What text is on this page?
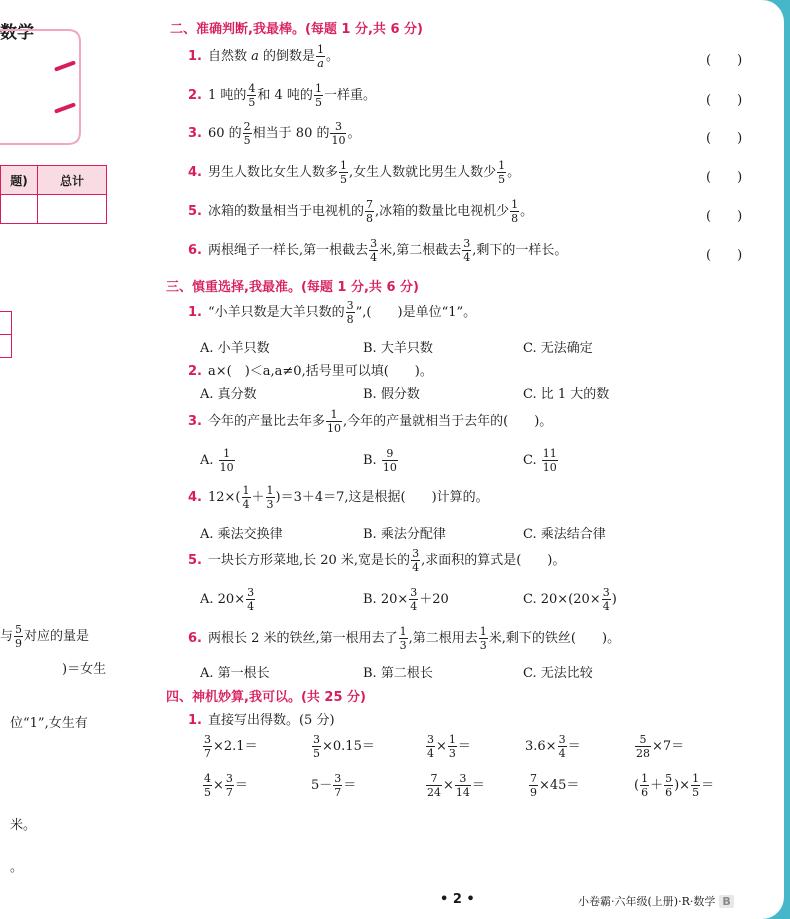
数学
题)	总计

与 $\frac{5}{9}$ 对应的量是
)＝女生
位“1”,女生有
米。
。
二、准确判断,我最棒。(每题 1 分,共 6 分)
1. 自然数 a 的倒数是 $\frac{1}{a}$ 。	(　　)
2. 1 吨的 $\frac{4}{5}$ 和 4 吨的 $\frac{1}{5}$ 一样重。	(　　)
3. 60 的 $\frac{2}{5}$ 相当于 80 的 $\frac{3}{10}$ 。	(　　)
4. 男生人数比女生人数多 $\frac{1}{5}$ ,女生人数就比男生人数少 $\frac{1}{5}$ 。	(　　)
5. 冰箱的数量相当于电视机的 $\frac{7}{8}$ ,冰箱的数量比电视机少 $\frac{1}{8}$ 。	(　　)
6. 两根绳子一样长,第一根截去 $\frac{3}{4}$ 米,第二根截去 $\frac{3}{4}$ ,剩下的一样长。	(　　)
三、慎重选择,我最准。(每题 1 分,共 6 分)
1. “小羊只数是大羊只数的 $\frac{3}{8}$ ”,(　　)是单位“1”。
A. 小羊只数	B. 大羊只数	C. 无法确定
2. a×(　)＜a,a≠0,括号里可以填(　　)。
A. 真分数	B. 假分数	C. 比 1 大的数
3. 今年的产量比去年多 $\frac{1}{10}$ ,今年的产量就相当于去年的(　　)。
A. $\frac{1}{10}$	B. $\frac{9}{10}$	C. $\frac{11}{10}$
4. $12\times( \frac{1}{4} + \frac{1}{3} )=3+4=7$,这是根据(　　)计算的。
A. 乘法交换律	B. 乘法分配律	C. 乘法结合律
5. 一块长方形菜地,长 20 米,宽是长的 $\frac{3}{4}$ ,求面积的算式是(　　)。
A. $20\times \frac{3}{4}$	B. $20\times \frac{3}{4} +20$	C. $20\times(20\times \frac{3}{4}$ )
6. 两根长 2 米的铁丝,第一根用去了 $\frac{1}{3}$ ,第二根用去 $\frac{1}{3}$ 米,剩下的铁丝(　　)。
A. 第一根长	B. 第二根长	C. 无法比较
四、神机妙算,我可以。(共 25 分)
1. 直接写出得数。(5 分)
$\frac{3}{7} \times 2.1=$	$\frac{3}{5} \times 0.15=$	$\frac{3}{4} \times \frac{1}{3}$ ＝	$3.6\times \frac{3}{4}$ ＝	$\frac{5}{28} \times 7=$
$\frac{4}{5} \times \frac{3}{7}$ ＝	$5- \frac{3}{7}$ ＝	$\frac{7}{24} \times \frac{3}{14}$ ＝	$\frac{7}{9} \times 45=$	( $\frac{1}{6} + \frac{5}{6}$ )× $\frac{1}{5}$ ＝
• 2 •	小卷霸·六年级(上册)·R·数学 B
